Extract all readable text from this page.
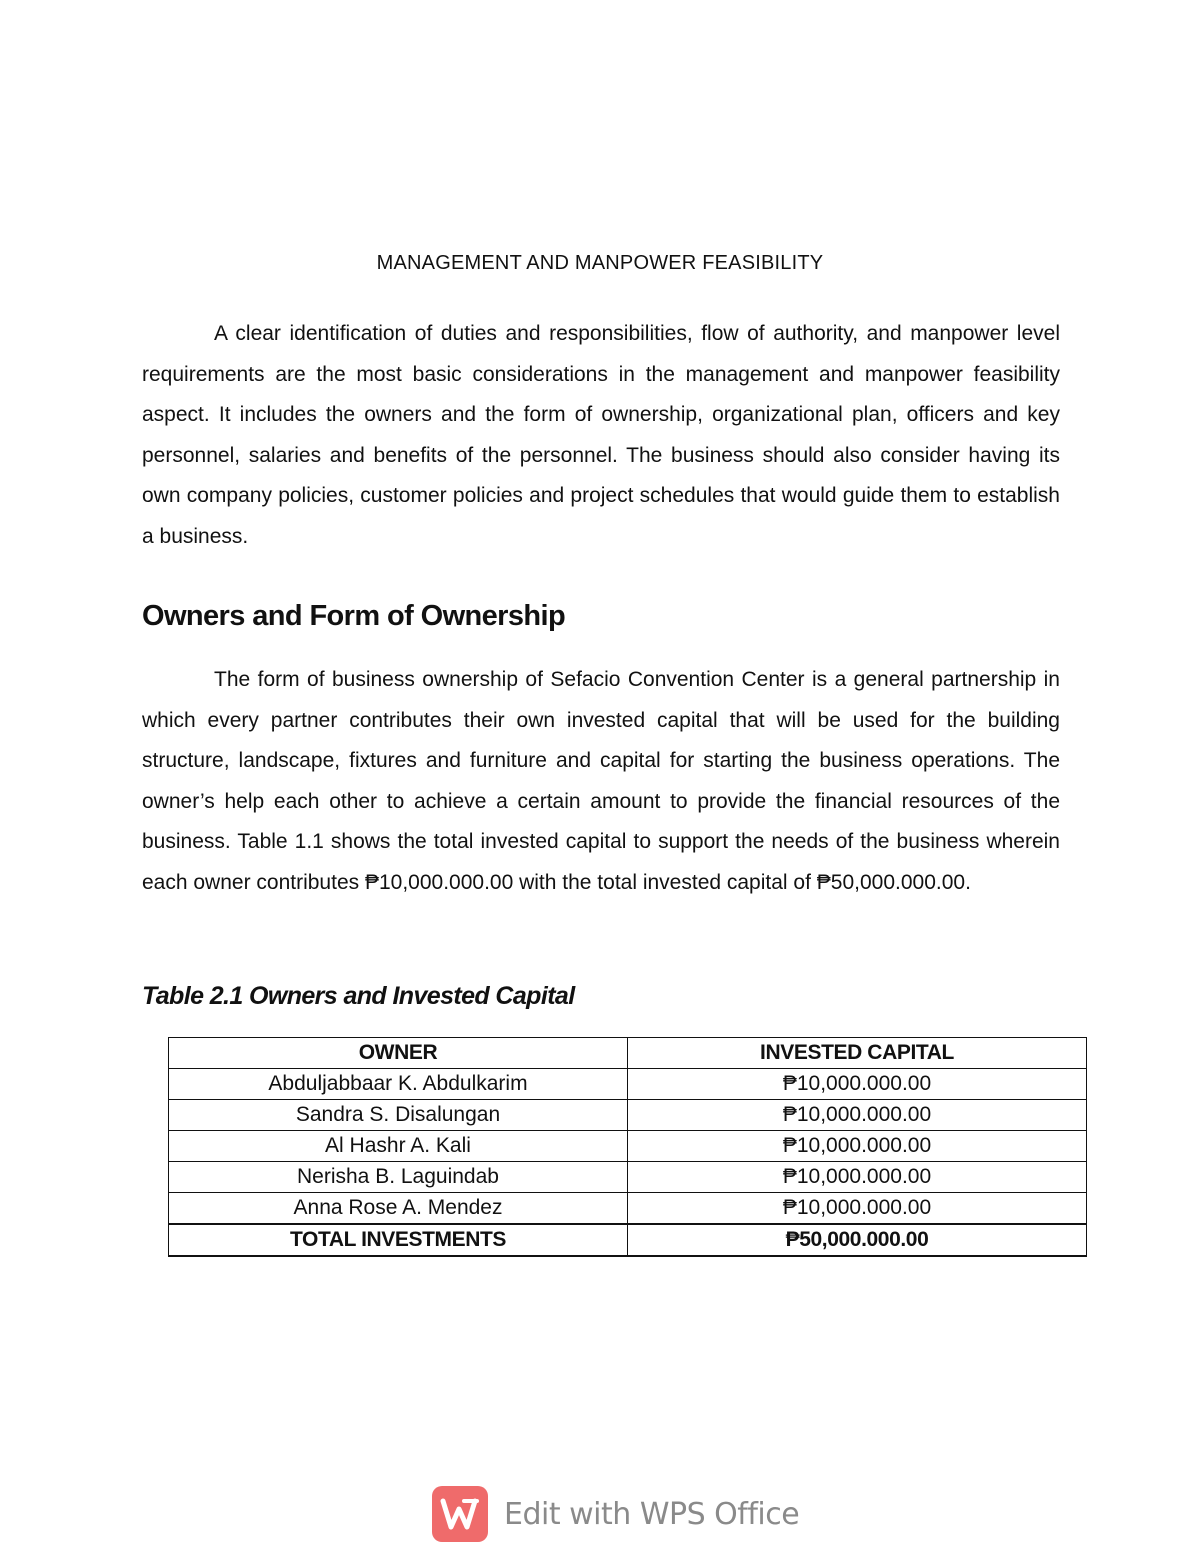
MANAGEMENT AND MANPOWER FEASIBILITY

A clear identification of duties and responsibilities, flow of authority, and manpower level requirements are the most basic considerations in the management and manpower feasibility aspect. It includes the owners and the form of ownership, organizational plan, officers and key personnel, salaries and benefits of the personnel. The business should also consider having its own company policies, customer policies and project schedules that would guide them to establish a business.

Owners and Form of Ownership

The form of business ownership of Sefacio Convention Center is a general partnership in which every partner contributes their own invested capital that will be used for the building structure, landscape, fixtures and furniture and capital for starting the business operations. The owner’s help each other to achieve a certain amount to provide the financial resources of the business. Table 1.1 shows the total invested capital to support the needs of the business wherein each owner contributes ₱10,000.000.00 with the total invested capital of ₱50,000.000.00.

Table 2.1 Owners and Invested Capital
OWNER	INVESTED CAPITAL
Abduljabbaar K. Abdulkarim	₱10,000.000.00
Sandra S. Disalungan	₱10,000.000.00
Al Hashr A. Kali	₱10,000.000.00
Nerisha B. Laguindab	₱10,000.000.00
Anna Rose A. Mendez	₱10,000.000.00
TOTAL INVESTMENTS	₱50,000.000.00
Edit with WPS Office
